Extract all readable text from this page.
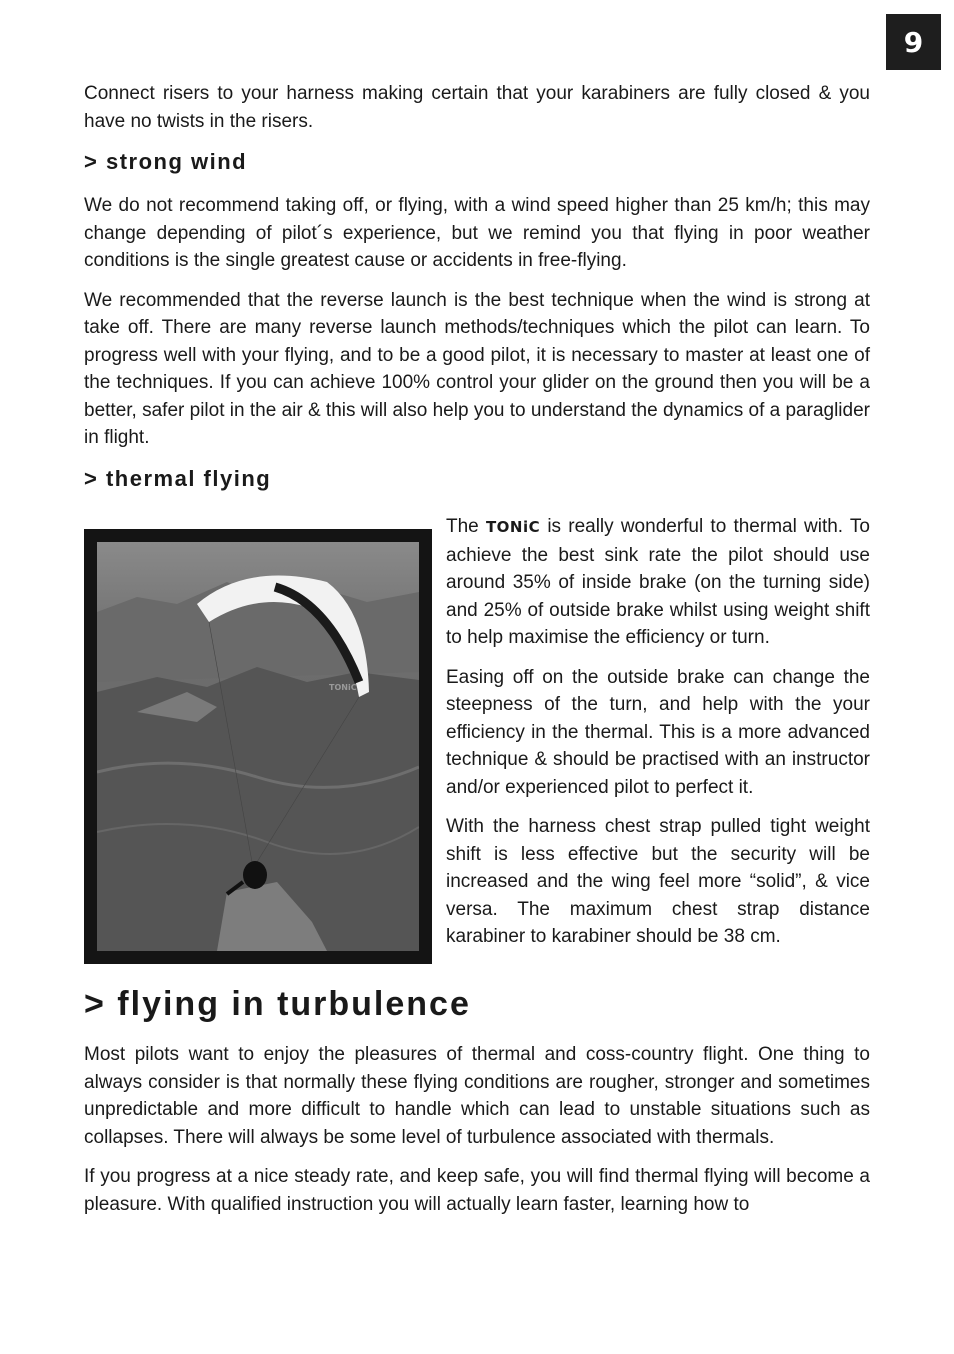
9

Connect risers to your harness making certain that your karabiners are fully closed & you have no twists in the risers.

> strong wind

We do not recommend taking off, or flying, with a wind speed higher than 25 km/h; this may change depending of pilot´s experience, but we remind you that flying in poor weather conditions is the single greatest cause or accidents in free-flying.

We recommended that the reverse launch is the best technique when the wind is strong at take off. There are many reverse launch methods/techniques which the pilot can learn. To progress well with your flying, and to be a good pilot, it is necessary to master at least one of the techniques. If you can achieve 100% control your glider on the ground then you will be a better, safer pilot in the air & this will also help you to understand the dynamics of a paraglider in flight.

> thermal flying
TONiC

The TONiC is really wonderful to thermal with. To achieve the best sink rate the pilot should use around 35% of inside brake (on the turning side) and 25% of outside brake whilst using weight shift to help maximise the efficiency or turn.

Easing off on the outside brake can change the steepness of the turn, and help with the your efficiency in the thermal. This is a more advanced technique & should be practised with an instructor and/or experienced pilot to perfect it.

With the harness chest strap pulled tight weight shift is less effective but the security will be increased and the wing feel more “solid”, & vice versa. The maximum chest strap distance karabiner to karabiner should be 38 cm.

> flying in turbulence

Most pilots want to enjoy the pleasures of thermal and coss-country flight. One thing to always consider is that normally these flying conditions are rougher, stronger and sometimes unpredictable and more difficult to handle which can lead to unstable situations such as collapses. There will always be some level of turbulence associated with thermals.

If you progress at a nice steady rate, and keep safe, you will find thermal flying will become a pleasure. With qualified instruction you will actually learn faster, learning how to
